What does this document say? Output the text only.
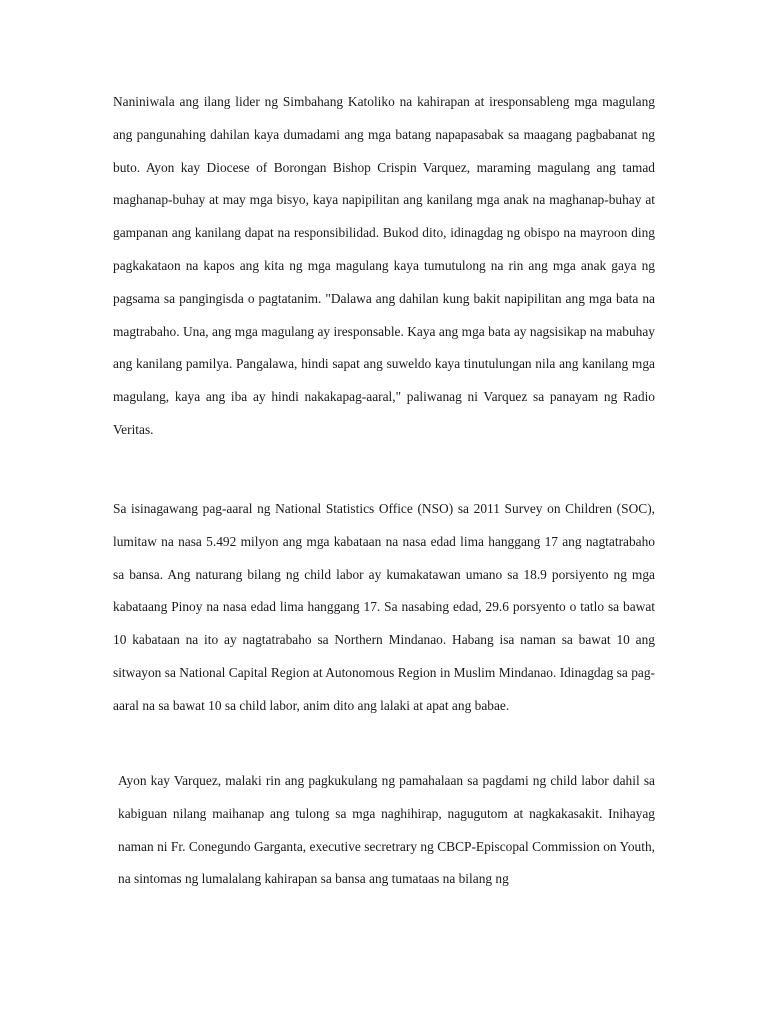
Naniniwala ang ilang lider ng Simbahang Katoliko na kahirapan at iresponsableng mga magulang ang pangunahing dahilan kaya dumadami ang mga batang napapasabak sa maagang pagbabanat ng buto. Ayon kay Diocese of Borongan Bishop Crispin Varquez, maraming magulang ang tamad maghanap-buhay at may mga bisyo, kaya napipilitan ang kanilang mga anak na maghanap-buhay at gampanan ang kanilang dapat na responsibilidad. Bukod dito, idinagdag ng obispo na mayroon ding pagkakataon na kapos ang kita ng mga magulang kaya tumutulong na rin ang mga anak gaya ng pagsama sa pangingisda o pagtatanim. "Dalawa ang dahilan kung bakit napipilitan ang mga bata na magtrabaho. Una, ang mga magulang ay iresponsable. Kaya ang mga bata ay nagsisikap na mabuhay ang kanilang pamilya. Pangalawa, hindi sapat ang suweldo kaya tinutulungan nila ang kanilang mga magulang, kaya ang iba ay hindi nakakapag-aaral," paliwanag ni Varquez sa panayam ng Radio Veritas.

Sa isinagawang pag-aaral ng National Statistics Office (NSO) sa 2011 Survey on Children (SOC), lumitaw na nasa 5.492 milyon ang mga kabataan na nasa edad lima hanggang 17 ang nagtatrabaho sa bansa. Ang naturang bilang ng child labor ay kumakatawan umano sa 18.9 porsiyento ng mga kabataang Pinoy na nasa edad lima hanggang 17. Sa nasabing edad, 29.6 porsyento o tatlo sa bawat 10 kabataan na ito ay nagtatrabaho sa Northern Mindanao. Habang isa naman sa bawat 10 ang sitwayon sa National Capital Region at Autonomous Region in Muslim Mindanao. Idinagdag sa pag-aaral na sa bawat 10 sa child labor, anim dito ang lalaki at apat ang babae.

Ayon kay Varquez, malaki rin ang pagkukulang ng pamahalaan sa pagdami ng child labor dahil sa kabiguan nilang maihanap ang tulong sa mga naghihirap, nagugutom at nagkakasakit. Inihayag naman ni Fr. Conegundo Garganta, executive secretrary ng CBCP-Episcopal Commission on Youth, na sintomas ng lumalalang kahirapan sa bansa ang tumataas na bilang ng
